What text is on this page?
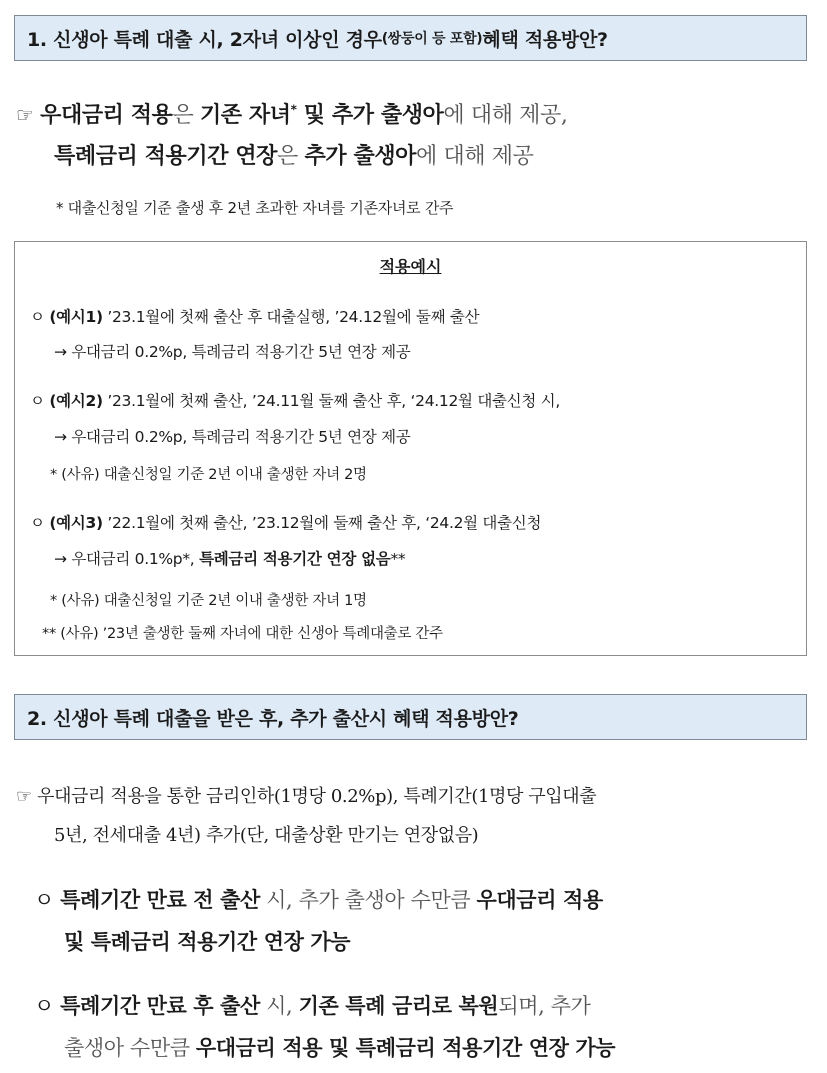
1. 신생아 특례 대출 시, 2자녀 이상인 경우 (쌍둥이 등 포함) 혜택 적용방안?
☞ 우대금리 적용은 기존 자녀* 및 추가 출생아에 대해 제공,
특례금리 적용기간 연장은 추가 출생아에 대해 제공
* 대출신청일 기준 출생 후 2년 초과한 자녀를 기존자녀로 간주
적용예시
ㅇ (예시1) ’23.1월에 첫째 출산 후 대출실행, ’24.12월에 둘째 출산
→ 우대금리 0.2%p, 특례금리 적용기간 5년 연장 제공
ㅇ (예시2) ’23.1월에 첫째 출산, ’24.11월 둘째 출산 후, ‘24.12월 대출신청 시,
→ 우대금리 0.2%p, 특례금리 적용기간 5년 연장 제공
* (사유) 대출신청일 기준 2년 이내 출생한 자녀 2명
ㅇ (예시3) ’22.1월에 첫째 출산, ’23.12월에 둘째 출산 후, ‘24.2월 대출신청
→ 우대금리 0.1%p*, 특례금리 적용기간 연장 없음**
* (사유) 대출신청일 기준 2년 이내 출생한 자녀 1명
** (사유) ’23년 출생한 둘째 자녀에 대한 신생아 특례대출로 간주
2. 신생아 특례 대출을 받은 후, 추가 출산시 혜택 적용방안?
☞ 우대금리 적용을 통한 금리인하(1명당 0.2%p), 특례기간(1명당 구입대출
5년, 전세대출 4년) 추가(단, 대출상환 만기는 연장없음)
ㅇ 특례기간 만료 전 출산 시, 추가 출생아 수만큼 우대금리 적용
및 특례금리 적용기간 연장 가능
ㅇ 특례기간 만료 후 출산 시, 기존 특례 금리로 복원되며, 추가
출생아 수만큼 우대금리 적용 및 특례금리 적용기간 연장 가능
